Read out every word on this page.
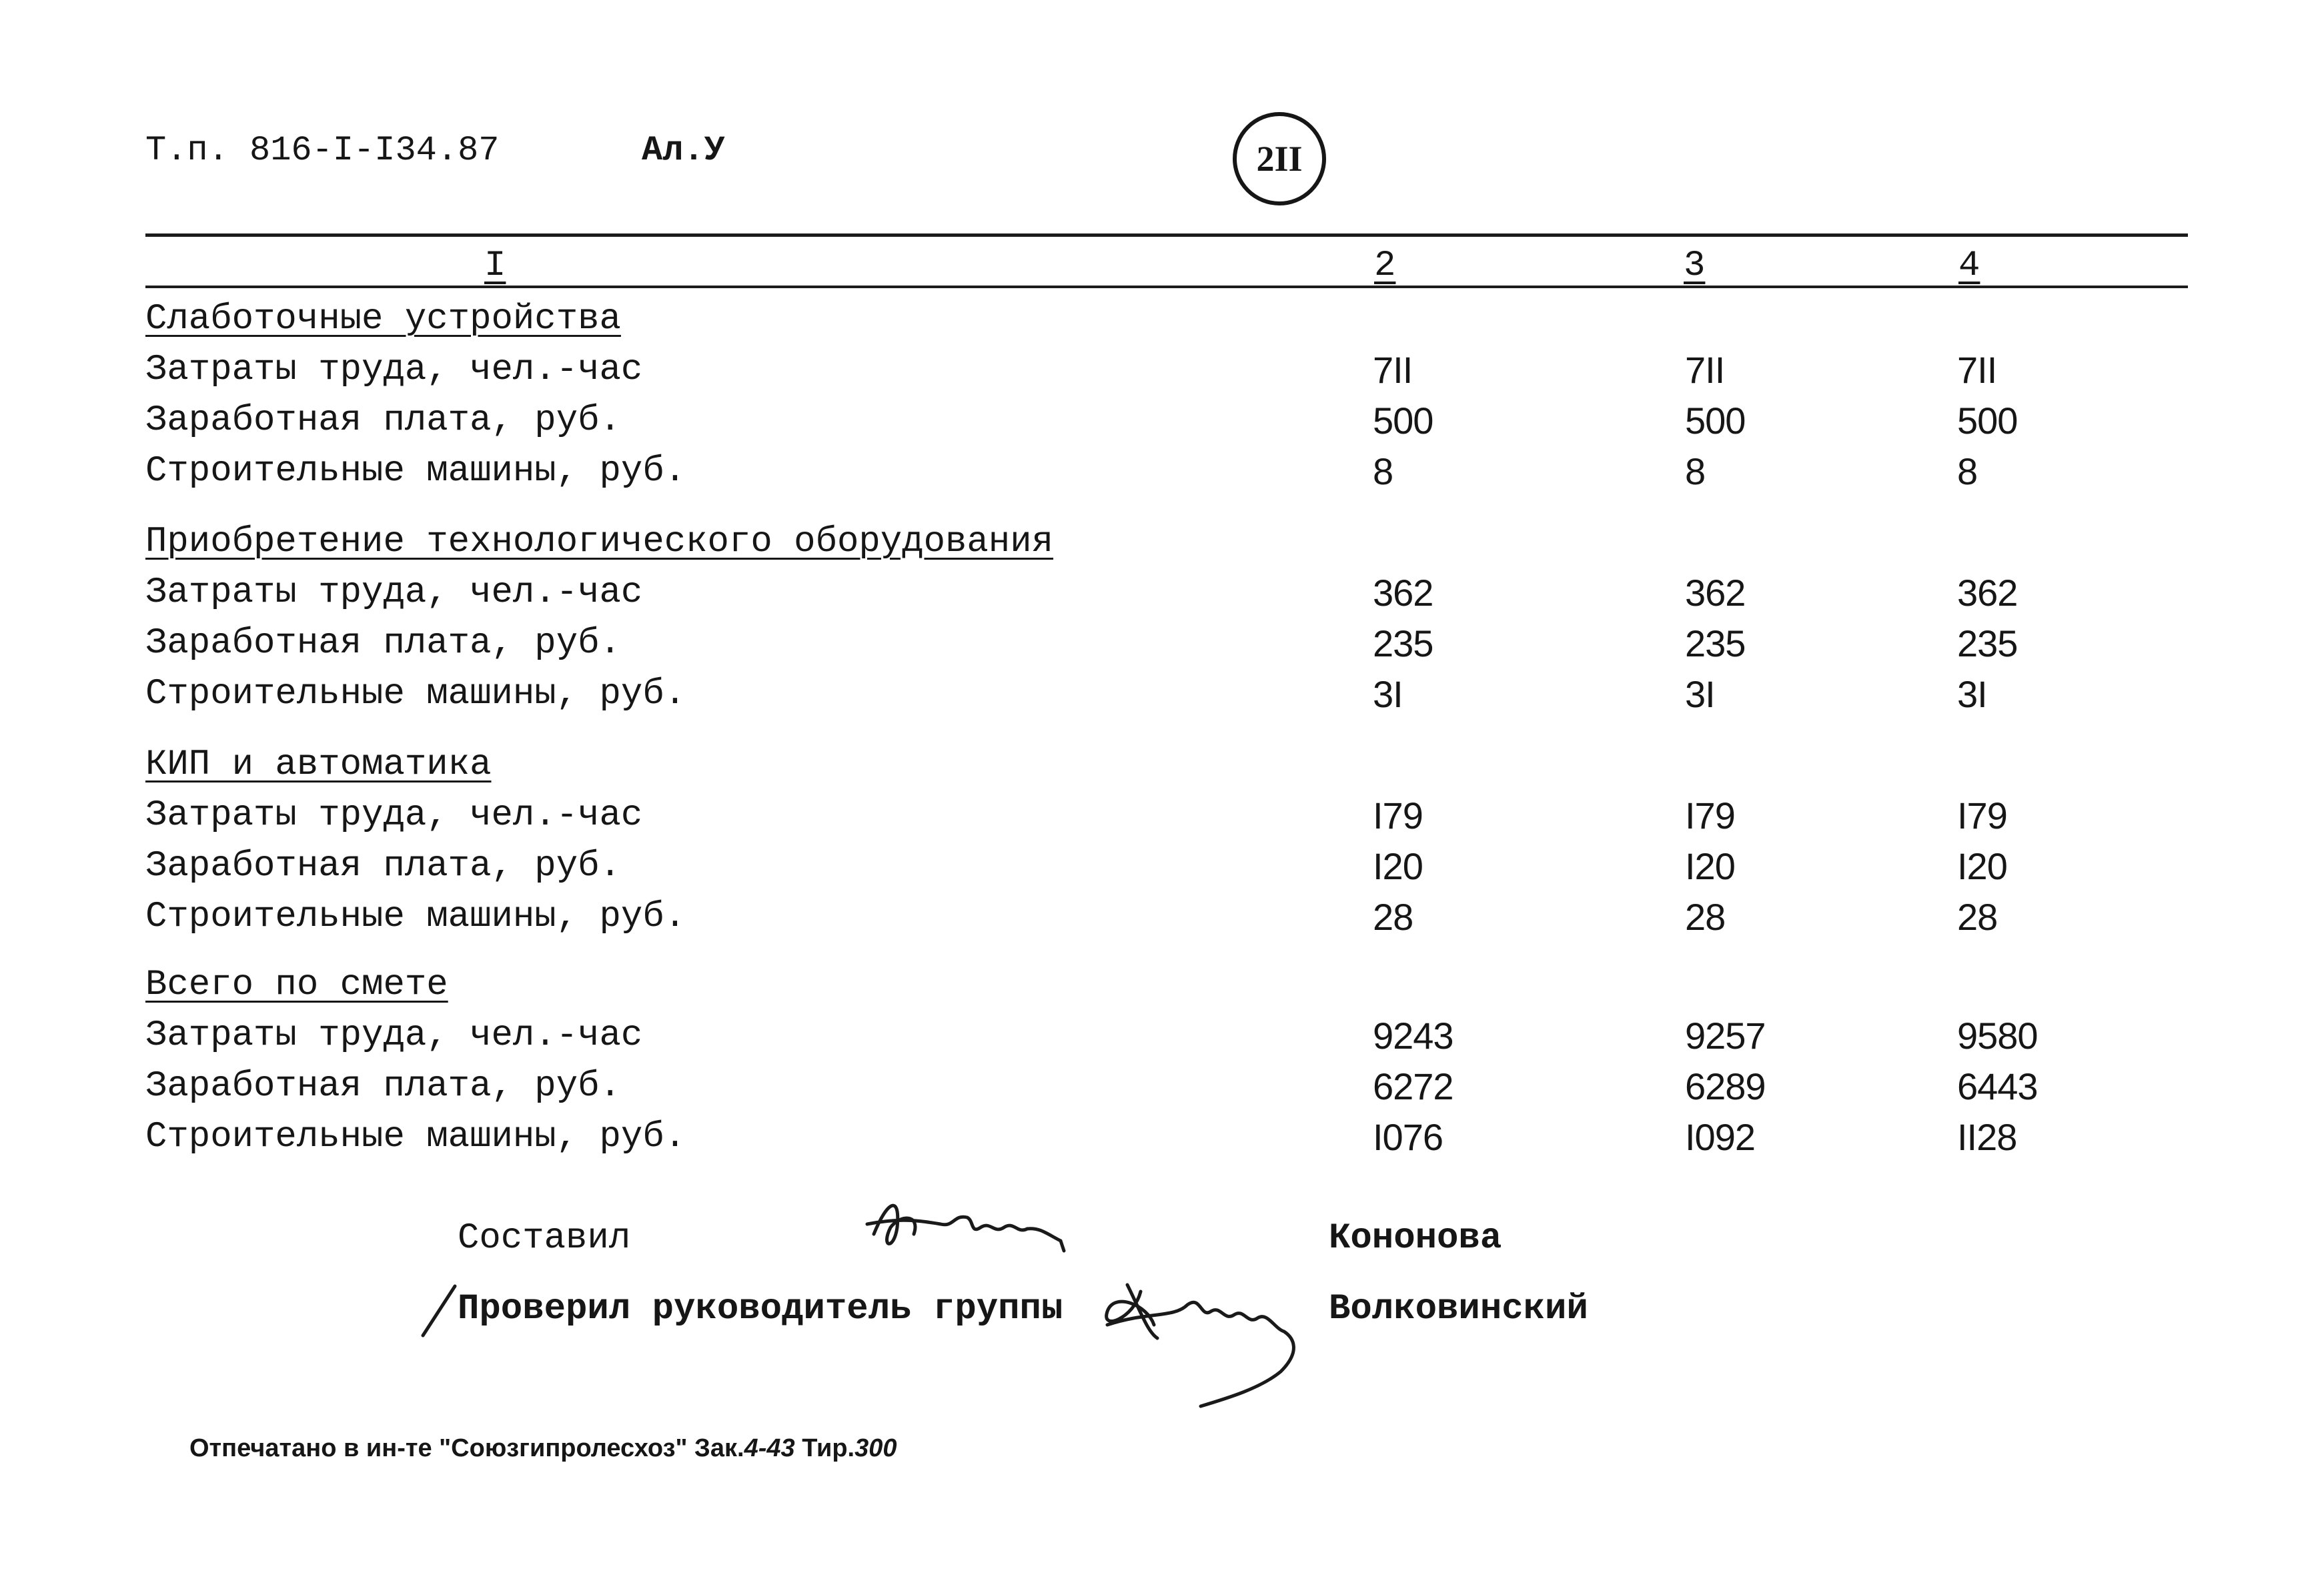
Т.п. 816-I-I34.87	Ал.У	2II
I	2	3	4
Слаботочные устройства
Затраты труда, чел.-час	7II	7II	7II
Заработная плата, руб.	500	500	500
Строительные машины, руб.	8	8	8
Приобретение технологического оборудования
Затраты труда, чел.-час	362	362	362
Заработная плата, руб.	235	235	235
Строительные машины, руб.	3I	3I	3I
КИП и автоматика
Затраты труда, чел.-час	I79	I79	I79
Заработная плата, руб.	I20	I20	I20
Строительные машины, руб.	28	28	28
Всего по смете
Затраты труда, чел.-час	9243	9257	9580
Заработная плата, руб.	6272	6289	6443
Строительные машины, руб.	I076	I092	II28
Составил	Кононова
Проверил руководитель группы	Волковинский
Отпечатано в ин-те "Союзгипролесхоз" Зак.4-43 Тир.300
